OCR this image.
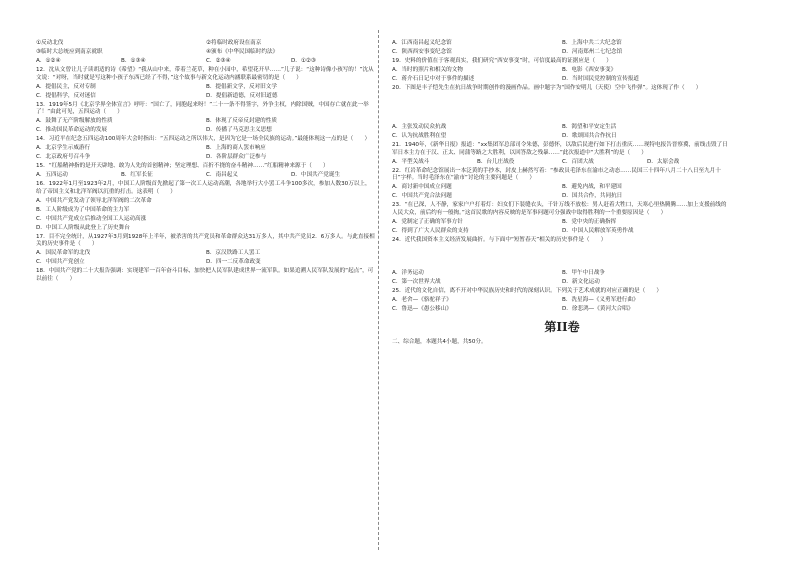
①反动北伐	②将临时政府设在南京
③临时大总统应到南京就职	④颁布《中华民国临时约法》
A．①②④	B．①③④	C．②③④	D．①②③
12．沈从文曾让儿子读胡适的诗《希望》“我从山中来，带着兰花草，种在小园中，希望花开早……”儿子说：“这种诗像小孩写的！”沈从文说：“对呀，当时就是写这种小孩子东西已经了不得，”这个故事与新文化运动内涵联系最密切的是（　　）
A．提倡民主，反对专制	B．提倡新文学，反对旧文学
C．提倡科学，反对迷信	D．提倡新道德，反对旧道德
13．1919年5月《北京学界全体宣言》呼吁：“国亡了，同胞起来呀！”二十一条不得签字，外争主权，内除国贼，中国存亡就在此一举了！”由此可见，五四运动（　　）
A．鼓舞了无产阶级解放的性质	B．体现了反帝反封建的性质
C．推动国民革命运动的发展	D．传播了马克思主义思想
14．习近平在纪念五四运动100周年大会时指出：“五四运动之所以伟大，是因为它是一场全民族的运动。”最能体现这一点的是（　　）
A．北京学生示威游行	B．上海的商人罢市响应
C．北京政府号召斗争	D．各阶层群众广泛参与
15．“红船精神指的是开天辟地、敢为人先的首创精神；坚定理想、百折不挠的奋斗精神……”红船精神来源于（　　）
A．五四运动	B．红军长征	C．南昌起义	D．中国共产党诞生
16．1922年1月至1923年2月，中国工人阶级首先掀起了第一次工人运动高潮，各地举行大小罢工斗争100多次，参加人数30万以上，给了帝国主义和北洋军阀以沉重的打击。这表明（　　）
A．中国共产党发动了领导北洋军阀的二次革命
B．工人阶级成为了中国革命的主力军
C．中国共产党成立后推动全国工人运动高涨
D．中国工人阶级从此登上了历史舞台
17．目不完全统计，从1927年3月到1928年上半年，被杀害的共产党员和革命群众达31万多人，其中共产党员2．6万多人。与此直接相关的历史事件是（　　）
A．国民革命军的北伐	B．京汉铁路工人罢工
C．中国共产党创立	D．四一二反革命政变
18．中国共产党的二十大报告强调：实现建军一百年奋斗目标，加快把人民军队建成世界一流军队。如果追溯人民军队发展的“起点”，可以前往（　　）
A．江西南昌起义纪念馆	B．上海中共二大纪念馆
C．陕西西安事变纪念馆	D．河南郑州二七纪念馆
19．史料的价值在于客观真实，我们研究“西安事变”时，可信度最高的证据应是（　　）
A．当时的照片和相关的文物	B．电影《西安事变》
C．蒋介石日记中对于事件的描述	D．当时国民党控制的宣传报道
20．下图是丰子恺先生在抗日战争时期创作的漫画作品。画中题字为“国作安明儿（天使）空中飞作弹”。这体现了作（　　）
A．主张发动民众抗战	B．渴望和平安定生活
C．认为抗战胜利在望	D．歌颂国共合作抗日
21．1940年，《新华日报》报道：“xx集团军总部司令朱德，彭德怀，以敌后民进行如下打击重庆……现特电报告晋察冀，前线击毁了日军日本主力在于汉、正太、同蒲等路之大胜利，以回答敌之残暴……”此次报道中“大胜利”的是（　　）
A．平型关战斗	B．台儿庄战役	C．百团大战	D．太原会战
22．红岩革命纪念馆展出一本泛黄的手抄本，封皮上赫然写着：“参政员毛泽东在渝市之动态……民国三十四年八月二十八日至九月十日”字样。当时毛泽东在“渝市”讨论的主要问题是（　　）
A．商讨新中国成立问题	B．避免内战，和平建国
C．中国共产党合法问题	D．国共合作，共同抗日
23．“在已深，人不静，家家户户打着灯：妇女们下装缝衣头，千针万线不放松：男人赶着大牲口，天寒心里热腾腾……加上支援前线的人民大众，前后约有一般掏。”这首民歌的内容反映的是军事问题可分强战中取得胜利的一个重要原因是（　　）
A．党制定了正确的军事方针	B．党中央的正确指挥
C．得到了广大人民群众的支持	D．中国人民解放军英勇作战
24．近代我国资本主义经济发展曲折。与下面中“短暂春天”相关的历史事件是（　　）
A．洋务运动	B．甲午中日战争
C．第一次世界大战	D．新文化运动
25．近代的文化自信，离不开对中华民族历史和时代的深刻认识。下列关于艺术成就的对应正确的是（　　）
A．老舍—《骆驼祥子》	B．冼星海—《义勇军进行曲》
C．鲁迅—《愚公移山》	D．徐悲鸿—《黄河大合唱》
第II卷
二、综合题，本题共4小题，共50分。
